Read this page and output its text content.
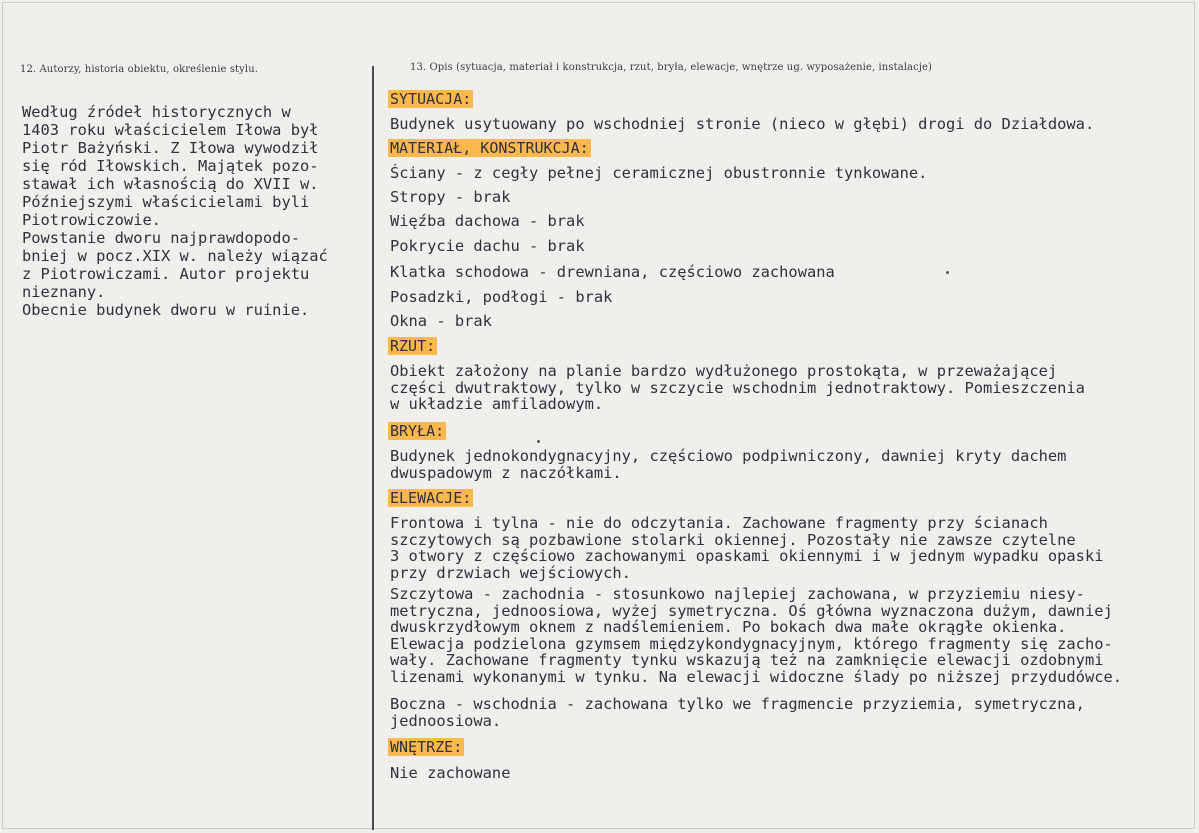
12. Autorzy, historia obiektu, określenie stylu.	13. Opis (sytuacja, materiał i konstrukcja, rzut, bryła, elewacje, wnętrze ug. wyposażenie, instalacje)

Według źródeł historycznych w
1403 roku właścicielem Iłowa był
Piotr Bażyński. Z Iłowa wywodził
się ród Iłowskich. Majątek pozo-
stawał ich własnością do XVII w.
Późniejszymi właścicielami byli
Piotrowiczowie.

Powstanie dworu najprawdopodo-
bniej w pocz.XIX w. należy wiązać
z Piotrowiczami. Autor projektu
nieznany.

Obecnie budynek dworu w ruinie.

SYTUACJA:
Budynek usytuowany po wschodniej stronie (nieco w głębi) drogi do Działdowa.
MATERIAŁ, KONSTRUKCJA:
Ściany - z cegły pełnej ceramicznej obustronnie tynkowane.
Stropy - brak
Więźba dachowa - brak
Pokrycie dachu - brak
Klatka schodowa - drewniana, częściowo zachowana
Posadzki, podłogi - brak
Okna - brak
RZUT:

Obiekt założony na planie bardzo wydłużonego prostokąta, w przeważającej
części dwutraktowy, tylko w szczycie wschodnim jednotraktowy. Pomieszczenia
w układzie amfiladowym.

BRYŁA:

Budynek jednokondygnacyjny, częściowo podpiwniczony, dawniej kryty dachem
dwuspadowym z naczółkami.

ELEWACJE:

Frontowa i tylna - nie do odczytania. Zachowane fragmenty przy ścianach
szczytowych są pozbawione stolarki okiennej. Pozostały nie zawsze czytelne
3 otwory z częściowo zachowanymi opaskami okiennymi i w jednym wypadku opaski
przy drzwiach wejściowych.

Szczytowa - zachodnia - stosunkowo najlepiej zachowana, w przyziemiu niesy-
metryczna, jednoosiowa, wyżej symetryczna. Oś główna wyznaczona dużym, dawniej
dwuskrzydłowym oknem z nadślemieniem. Po bokach dwa małe okrągłe okienka.
Elewacja podzielona gzymsem międzykondygnacyjnym, którego fragmenty się zacho-
wały. Zachowane fragmenty tynku wskazują też na zamknięcie elewacji ozdobnymi
lizenami wykonanymi w tynku. Na elewacji widoczne ślady po niższej przydudówce.

Boczna - wschodnia - zachowana tylko we fragmencie przyziemia, symetryczna,
jednoosiowa.

WNĘTRZE:
Nie zachowane
